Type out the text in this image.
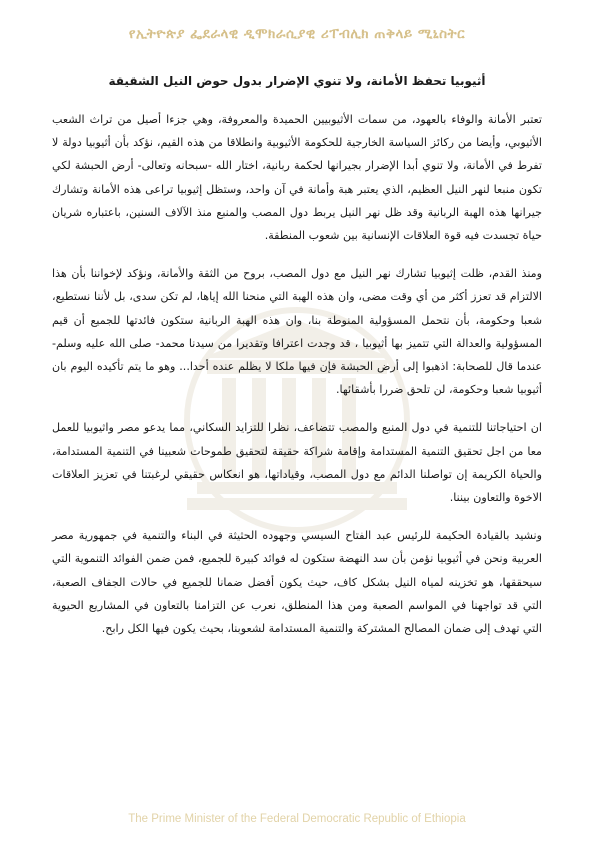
የኢትዮጵያ ፌደራላዊ ዲሞክራሲያዊ ሪፐብሊክ ጠቅላይ ሚኒስትር
أثيوبيا تحفظ الأمانة، ولا تنوي الإضرار بدول حوض النيل الشقيقة

تعتبر الأمانة والوفاء بالعهود، من سمات الأثيوبيين الحميدة والمعروفة، وهي جزءا أصيل من تراث الشعب الأثيوبي، وأيضا من ركائز السياسة الخارجية للحكومة الأثيوبية وانطلاقا من هذه القيم، نؤكد بأن أثيوبيا دولة لا تفرط في الأمانة، ولا تنوي أبدا الإضرار بجيرانها لحكمة ربانية، اختار الله -سبحانه وتعالى- أرض الحبشة لكي تكون منبعا لنهر النيل العظيم، الذي يعتبر هبة وأمانة في آن واحد، وستظل إثيوبيا تراعى هذه الأمانة وتشارك جيرانها هذه الهبة الربانية وقد ظل نهر النيل يربط دول المصب والمنبع منذ الآلاف السنين، باعتباره شريان حياة تجسدت فيه قوة العلاقات الإنسانية بين شعوب المنطقة.

ومنذ القدم، ظلت إثيوبيا تشارك نهر النيل مع دول المصب، بروح من الثقة والأمانة، ونؤكد لإخواننا بأن هذا الالتزام قد تعزز أكثر من أي وقت مضى، وان هذه الهبة التي منحنا الله إياها، لم تكن سدى، بل لأننا نستطيع، شعبا وحكومة، بأن نتحمل المسؤولية المنوطة بنا، وان هذه الهبة الربانية ستكون فائدتها للجميع أن قيم المسؤولية والعدالة التي تتميز بها أثيوبيا ، قد وجدت اعترافا وتقديرا من سيدنا محمد- صلى الله عليه وسلم- عندما قال للصحابة: اذهبوا إلى أرض الحبشة فإن فيها ملكا لا يظلم عنده أحدا... وهو ما يتم تأكيده اليوم بان أثيوبيا شعبا وحكومة، لن تلحق ضررا بأشقائها.

ان احتياجاتنا للتنمية في دول المنبع والمصب تتضاعف، نظرا للتزايد السكاني، مما يدعو مصر واثيوبيا للعمل معا من اجل تحقيق التنمية المستدامة وإقامة شراكة حقيقة لتحقيق طموحات شعبينا في التنمية المستدامة، والحياة الكريمة إن تواصلنا الدائم مع دول المصب، وقياداتها، هو انعكاس حقيقي لرغبتنا في تعزيز العلاقات الاخوة والتعاون بيننا.

ونشيد بالقيادة الحكيمة للرئيس عبد الفتاح السيسي وجهوده الحثيثة في البناء والتنمية في جمهورية مصر العربية ونحن في أثيوبيا نؤمن بأن سد النهضة ستكون له فوائد كبيرة للجميع، فمن ضمن الفوائد التنموية التي سيحققها، هو تخزينه لمياه النيل بشكل كاف، حيث يكون أفضل ضمانا للجميع في حالات الجفاف الصعبة، التي قد تواجهنا في المواسم الصعبة ومن هذا المنطلق، نعرب عن التزامنا بالتعاون في المشاريع الحيوية التي تهدف إلى ضمان المصالح المشتركة والتنمية المستدامة لشعوبنا، بحيث يكون فيها الكل رابح.

The Prime Minister of the Federal Democratic Republic of Ethiopia
